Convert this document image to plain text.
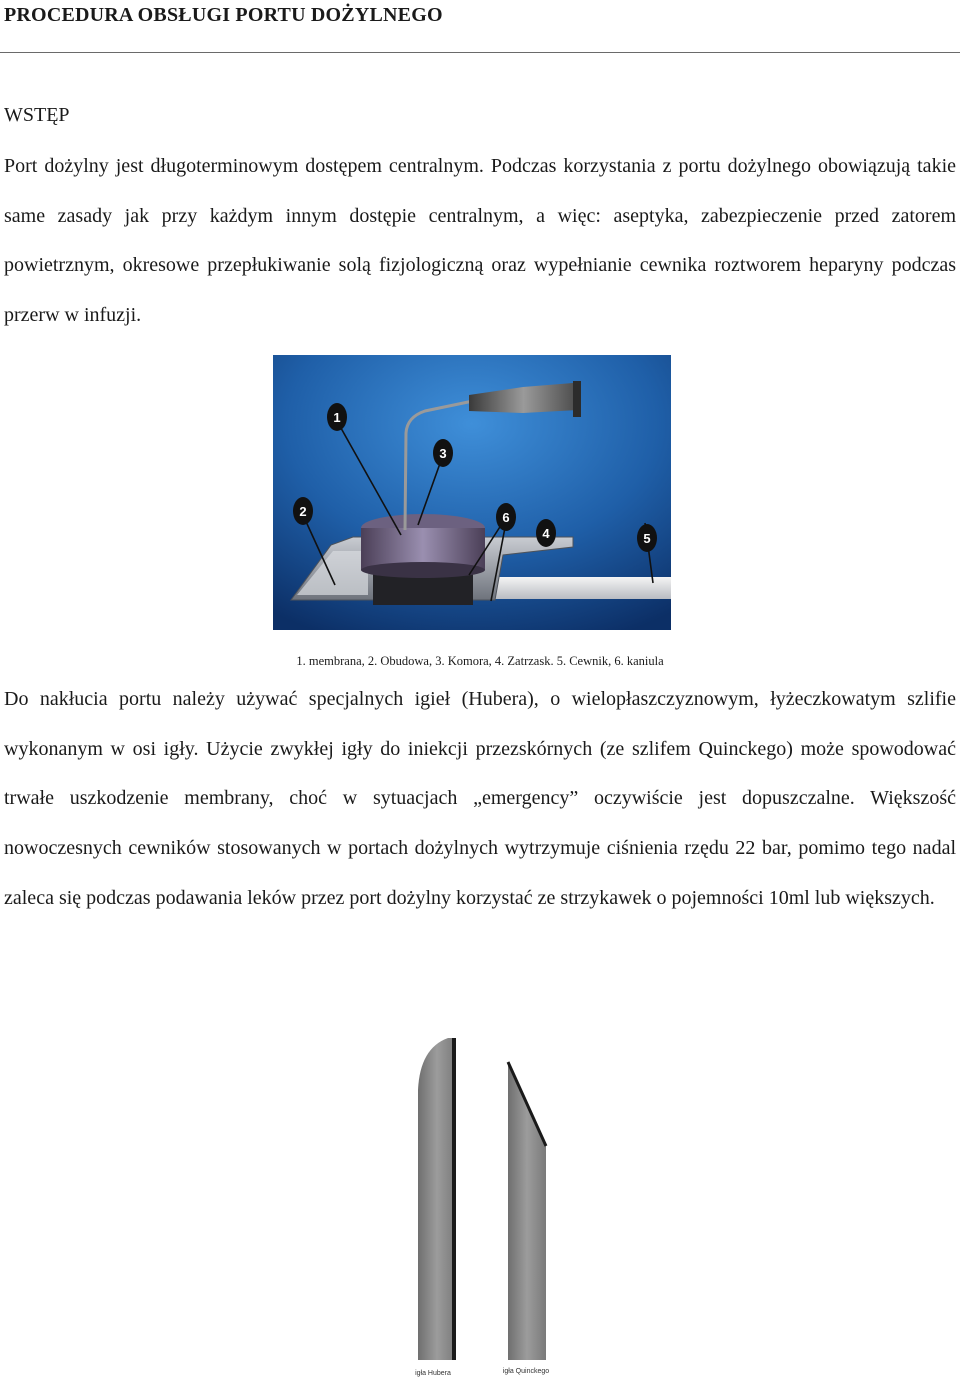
PROCEDURA OBSŁUGI PORTU DOŻYLNEGO
WSTĘP
Port dożylny jest długoterminowym dostępem centralnym. Podczas korzystania z portu dożylnego obowiązują takie same zasady jak przy każdym innym dostępie centralnym, a więc: aseptyka, zabezpieczenie przed zatorem powietrznym, okresowe przepłukiwanie solą fizjologiczną oraz wypełnianie cewnika roztworem heparyny podczas przerw w infuzji.
1
2
3
4	5
6
1. membrana, 2. Obudowa, 3. Komora, 4. Zatrzask. 5. Cewnik, 6. kaniula
Do nakłucia portu należy używać specjalnych igieł (Hubera), o wielopłaszczyznowym, łyżeczkowatym szlifie wykonanym w osi igły. Użycie zwykłej igły do iniekcji przezskórnych (ze szlifem Quinckego) może spowodować trwałe uszkodzenie membrany, choć w sytuacjach „emergency” oczywiście jest dopuszczalne. Większość nowoczesnych cewników stosowanych w portach dożylnych wytrzymuje ciśnienia rzędu 22 bar, pomimo tego nadal zaleca się podczas podawania leków przez port dożylny korzystać ze strzykawek o pojemności 10ml lub większych.
igła Hubera	igła Quinckego
